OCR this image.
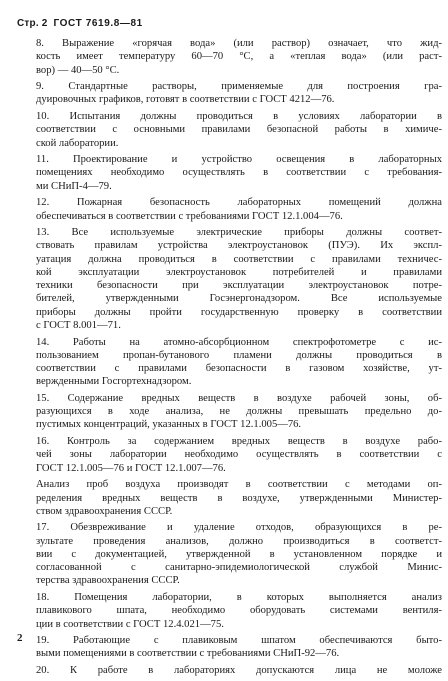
Стр. 2 ГОСТ 7619.8—81
8. Выражение «горячая вода» (или раствор) означает, что жид-
кость имеет температуру 60—70 °С, а «теплая вода» (или раст-
вор) — 40—50 °С.
9. Стандартные растворы, применяемые для построения гра-
дуировочных графиков, готовят в соответствии с ГОСТ 4212—76.
10. Испытания должны проводиться в условиях лаборатории в
соответствии с основными правилами безопасной работы в химиче-
ской лаборатории.
11. Проектирование и устройство освещения в лабораторных
помещениях необходимо осуществлять в соответствии с требования-
ми СНиП-4—79.
12. Пожарная безопасность лабораторных помещений должна
обеспечиваться в соответствии с требованиями ГОСТ 12.1.004—76.
13. Все используемые электрические приборы должны соответ-
ствовать правилам устройства электроустановок (ПУЭ). Их экспл-
уатация должна проводиться в соответствии с правилами техничес-
кой эксплуатации электроустановок потребителей и правилами
техники безопасности при эксплуатации электроустановок потре-
бителей, утвержденными Госэнергонадзором. Все используемые
приборы должны пройти государственную проверку в соответствии
с ГОСТ 8.001—71.
14. Работы на атомно-абсорбционном спектрофотометре с ис-
пользованием пропан-бутанового пламени должны проводиться в
соответствии с правилами безопасности в газовом хозяйстве, ут-
вержденными Госгортехнадзором.
15. Содержание вредных веществ в воздухе рабочей зоны, об-
разующихся в ходе анализа, не должны превышать предельно до-
пустимых концентраций, указанных в ГОСТ 12.1.005—76.
16. Контроль за содержанием вредных веществ в воздухе рабо-
чей зоны лаборатории необходимо осуществлять в соответствии с
ГОСТ 12.1.005—76 и ГОСТ 12.1.007—76.
Анализ проб воздуха производят в соответствии с методами оп-
ределения вредных веществ в воздухе, утвержденными Министер-
ством здравоохранения СССР.
17. Обезвреживание и удаление отходов, образующихся в ре-
зультате проведения анализов, должно производиться в соответст-
вии с документацией, утвержденной в установленном порядке и
согласованной с санитарно-эпидемиологической службой Минис-
терства здравоохранения СССР.
18. Помещения лаборатории, в которых выполняется анализ
плавикового шпата, необходимо оборудовать системами вентиля-
ции в соответствии с ГОСТ 12.4.021—75.
19. Работающие с плавиковым шпатом обеспечиваются быто-
выми помещениями в соответствии с требованиями СНиП-92—76.
20. К работе в лабораториях допускаются лица не моложе
2
